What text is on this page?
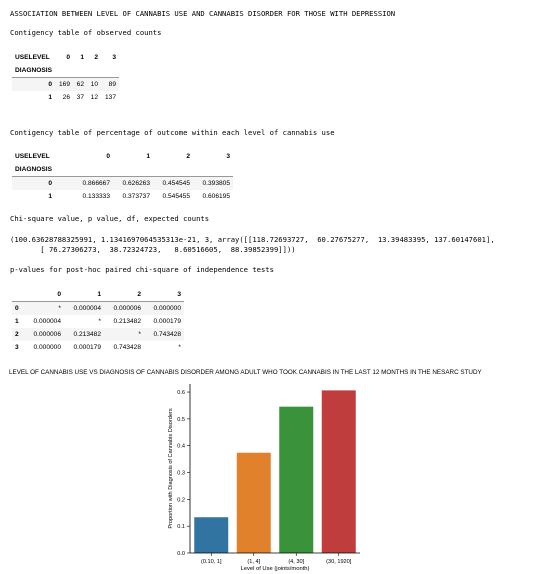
ASSOCIATION BETWEEN LEVEL OF CANNABIS USE AND CANNABIS DISORDER FOR THOSE WITH DEPRESSION
Contigency table of observed counts
USELEVEL	0	1	2	3
DIAGNOSIS				
0	169	62	10	89
1	26	37	12	137
Contigency table of percentage of outcome within each level of cannabis use
USELEVEL	0	1	2	3
DIAGNOSIS				
0	0.866667	0.626263	0.454545	0.393805
1	0.133333	0.373737	0.545455	0.606195
Chi-square value, p value, df, expected counts
(100.63628788325991, 1.1341697064535313e-21, 3, array([[118.72693727,  60.27675277,  13.39483395, 137.60147601],
[ 76.27306273,  38.72324723,   8.60516605,  88.39852399]]))
p-values for post-hoc paired chi-square of independence tests
	0	1	2	3
0	*	0.000004	0.000006	0.000000
1	0.000004	*	0.213482	0.000179
2	0.000006	0.213482	*	0.743428
3	0.000000	0.000179	0.743428	*
LEVEL OF CANNABIS USE VS DIAGNOSIS OF CANNABIS DISORDER AMONG ADULT WHO TOOK CANNABIS IN THE LAST 12 MONTHS IN THE NESARC STUDY
0.0
0.1
0.2
0.3
0.4
0.5
0.6
(0.10, 1]	(1, 4]	(4, 30]	(30, 1920]
Proportion with Diagnosis of Cannabis Disorders
Level of Use (joints/month)
